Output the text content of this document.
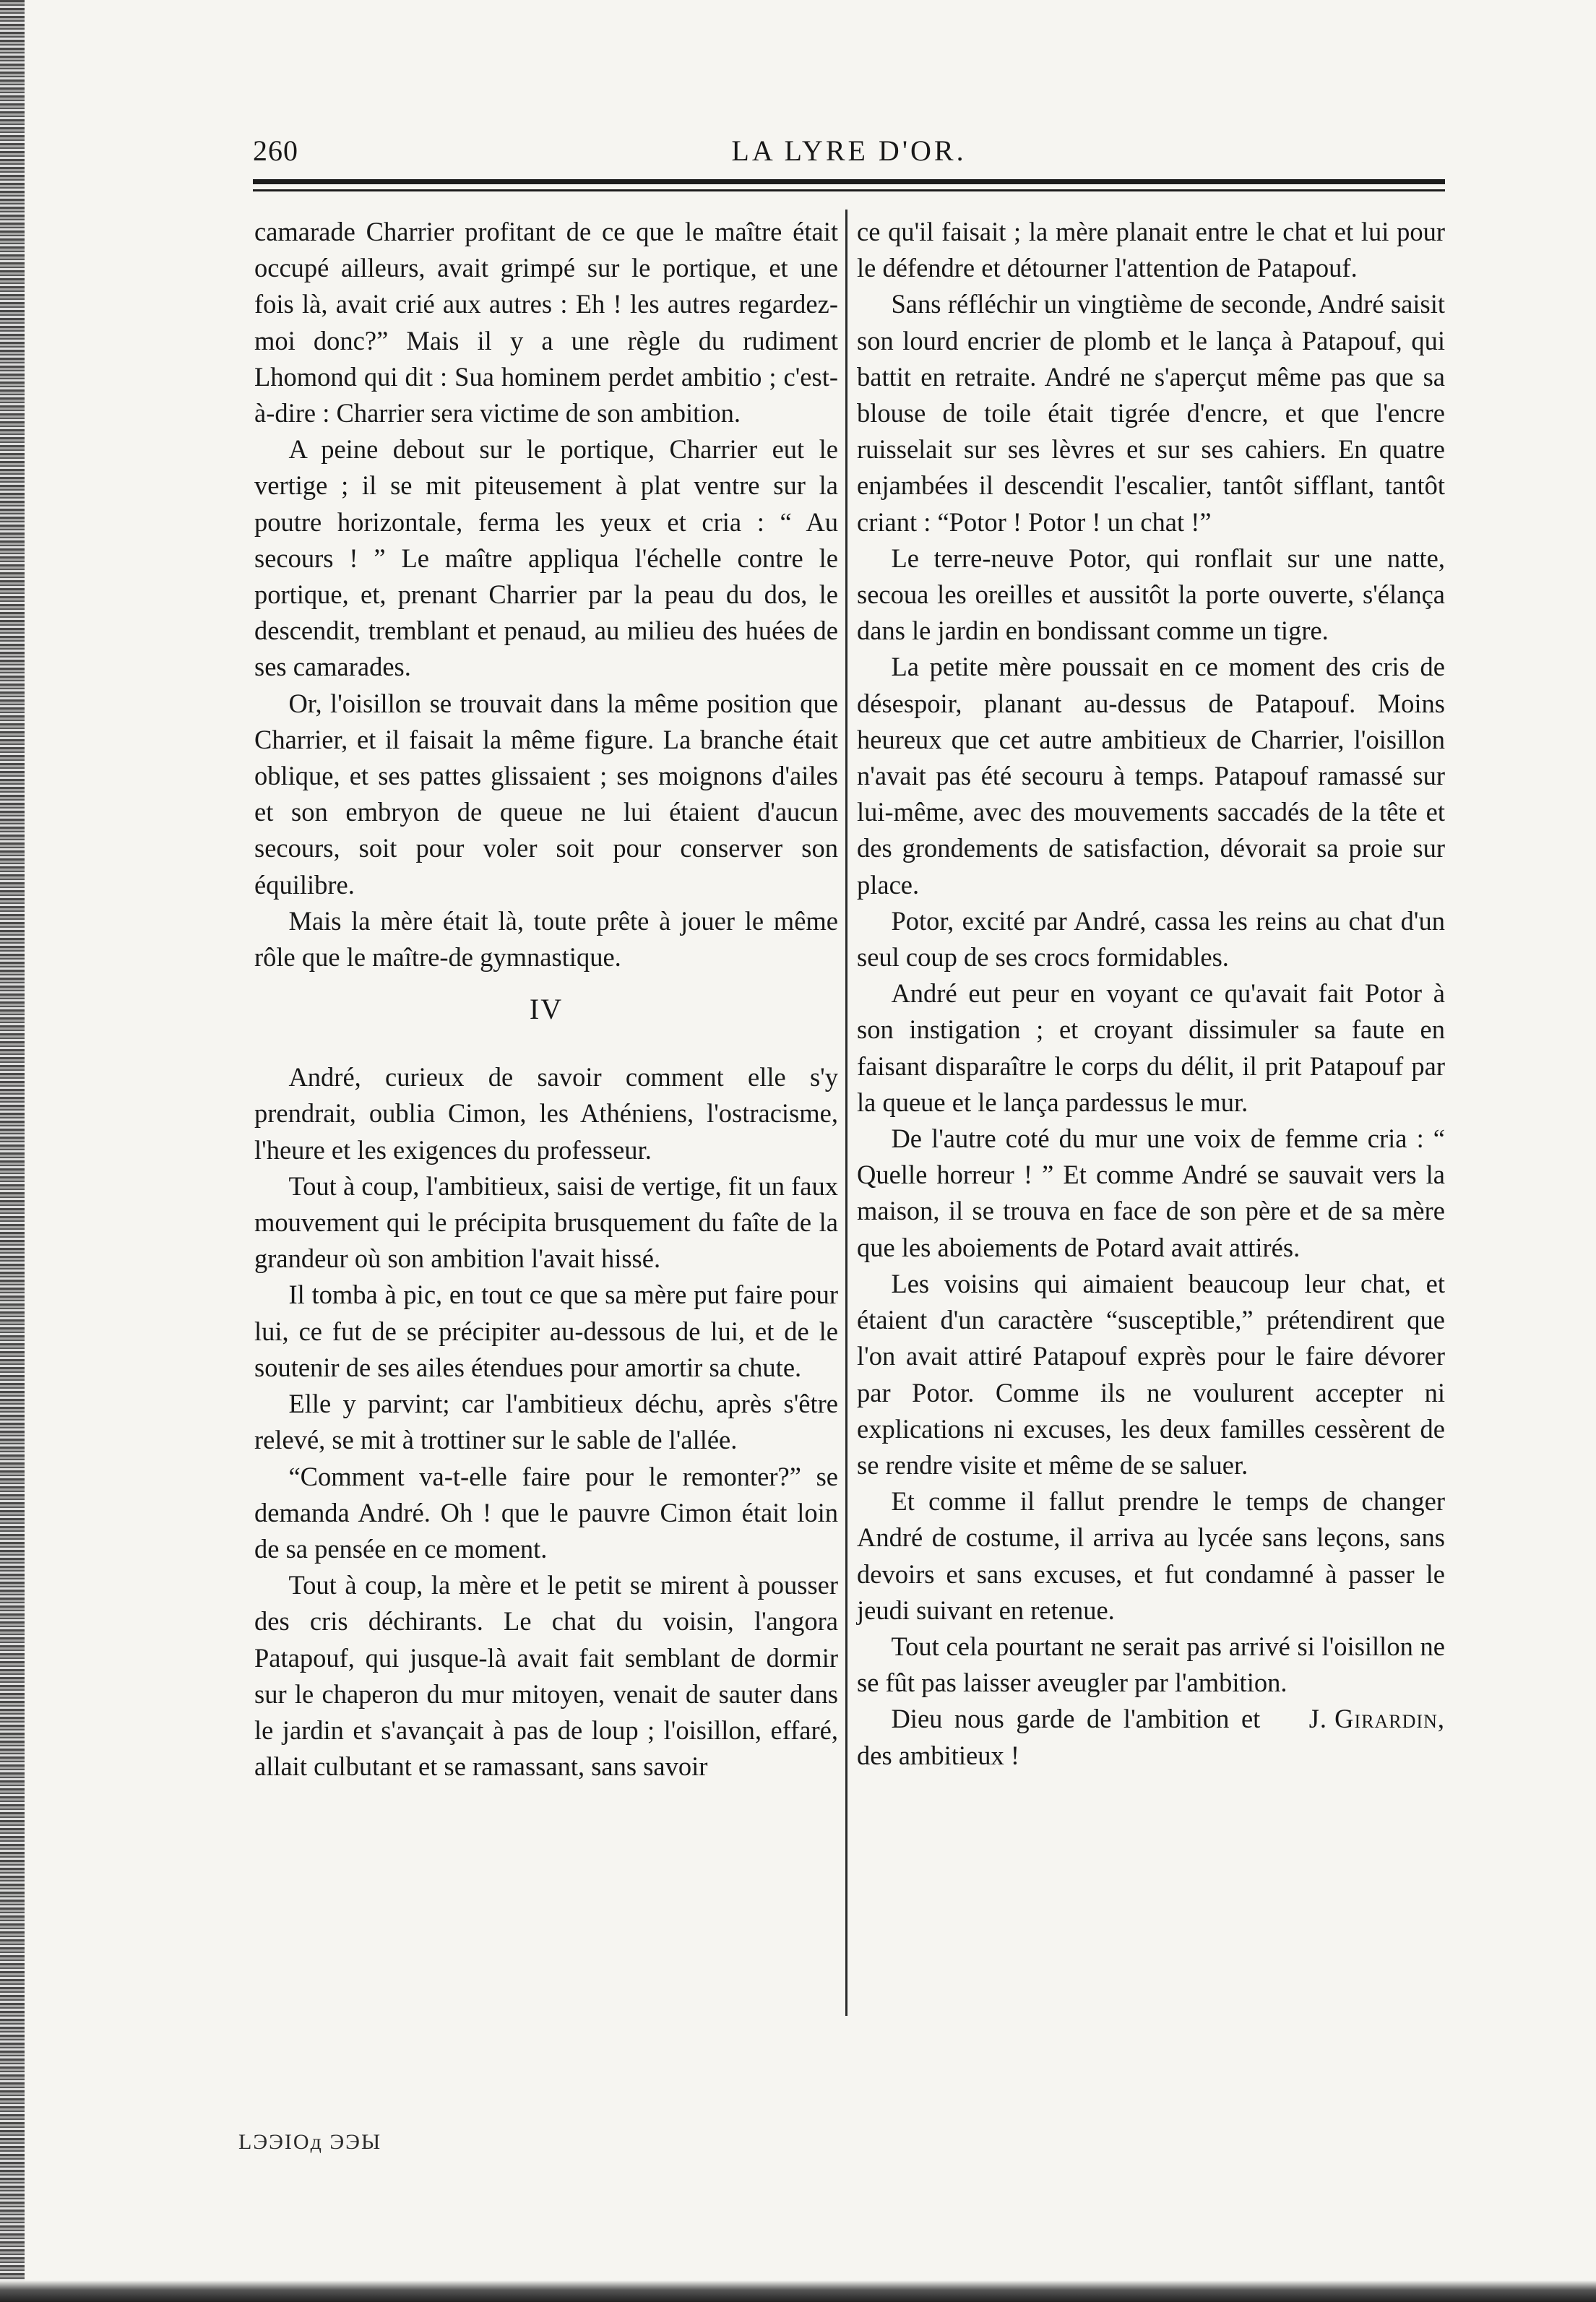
260	LA LYRE D'OR.

camarade Charrier profitant de ce que le maître était occupé ailleurs, avait grimpé sur le portique, et une fois là, avait crié aux autres : Eh ! les autres regardez-moi donc?” Mais il y a une règle du rudiment Lhomond qui dit : Sua hominem perdet ambitio ; c'est-à-dire : Charrier sera victime de son ambition.

A peine debout sur le portique, Charrier eut le vertige ; il se mit piteusement à plat ventre sur la poutre horizontale, ferma les yeux et cria : “ Au secours ! ” Le maître appliqua l'échelle contre le portique, et, prenant Charrier par la peau du dos, le descendit, tremblant et penaud, au milieu des huées de ses camarades.

Or, l'oisillon se trouvait dans la même position que Charrier, et il faisait la même figure. La branche était oblique, et ses pattes glissaient ; ses moignons d'ailes et son embryon de queue ne lui étaient d'aucun secours, soit pour voler soit pour conserver son équilibre.

Mais la mère était là, toute prête à jouer le même rôle que le maître-de gymnastique.

IV

André, curieux de savoir comment elle s'y prendrait, oublia Cimon, les Athéniens, l'ostracisme, l'heure et les exigences du professeur.

Tout à coup, l'ambitieux, saisi de vertige, fit un faux mouvement qui le précipita brusquement du faîte de la grandeur où son ambition l'avait hissé.

Il tomba à pic, en tout ce que sa mère put faire pour lui, ce fut de se précipiter au-dessous de lui, et de le soutenir de ses ailes étendues pour amortir sa chute.

Elle y parvint; car l'ambitieux déchu, après s'être relevé, se mit à trottiner sur le sable de l'allée.

“Comment va-t-elle faire pour le remonter?” se demanda André. Oh ! que le pauvre Cimon était loin de sa pensée en ce moment.

Tout à coup, la mère et le petit se mirent à pousser des cris déchirants. Le chat du voisin, l'angora Patapouf, qui jusque-là avait fait semblant de dormir sur le chaperon du mur mitoyen, venait de sauter dans le jardin et s'avançait à pas de loup ; l'oisillon, effaré, allait culbutant et se ramassant, sans savoir

ce qu'il faisait ; la mère planait entre le chat et lui pour le défendre et détourner l'attention de Patapouf.

Sans réfléchir un vingtième de seconde, André saisit son lourd encrier de plomb et le lança à Patapouf, qui battit en retraite. André ne s'aperçut même pas que sa blouse de toile était tigrée d'encre, et que l'encre ruisselait sur ses lèvres et sur ses cahiers. En quatre enjambées il descendit l'escalier, tantôt sifflant, tantôt criant : “Potor ! Potor ! un chat !”

Le terre-neuve Potor, qui ronflait sur une natte, secoua les oreilles et aussitôt la porte ouverte, s'élança dans le jardin en bondissant comme un tigre.

La petite mère poussait en ce moment des cris de désespoir, planant au-dessus de Patapouf. Moins heureux que cet autre ambitieux de Charrier, l'oisillon n'avait pas été secouru à temps. Patapouf ramassé sur lui-même, avec des mouvements saccadés de la tête et des grondements de satisfaction, dévorait sa proie sur place.

Potor, excité par André, cassa les reins au chat d'un seul coup de ses crocs formidables.

André eut peur en voyant ce qu'avait fait Potor à son instigation ; et croyant dissimuler sa faute en faisant disparaître le corps du délit, il prit Patapouf par la queue et le lança pardessus le mur.

De l'autre coté du mur une voix de femme cria : “ Quelle horreur ! ” Et comme André se sauvait vers la maison, il se trouva en face de son père et de sa mère que les aboiements de Potard avait attirés.

Les voisins qui aimaient beaucoup leur chat, et étaient d'un caractère “susceptible,” prétendirent que l'on avait attiré Patapouf exprès pour le faire dévorer par Potor. Comme ils ne voulurent accepter ni explications ni excuses, les deux familles cessèrent de se rendre visite et même de se saluer.

Et comme il fallut prendre le temps de changer André de costume, il arriva au lycée sans leçons, sans devoirs et sans excuses, et fut condamné à passer le jeudi suivant en retenue.

Tout cela pourtant ne serait pas arrivé si l'oisillon ne se fût pas laisser aveugler par l'ambition.

J. Girardin,
Dieu nous garde de l'ambition et des ambitieux !

LЭЭIOд ЭЭЫ
